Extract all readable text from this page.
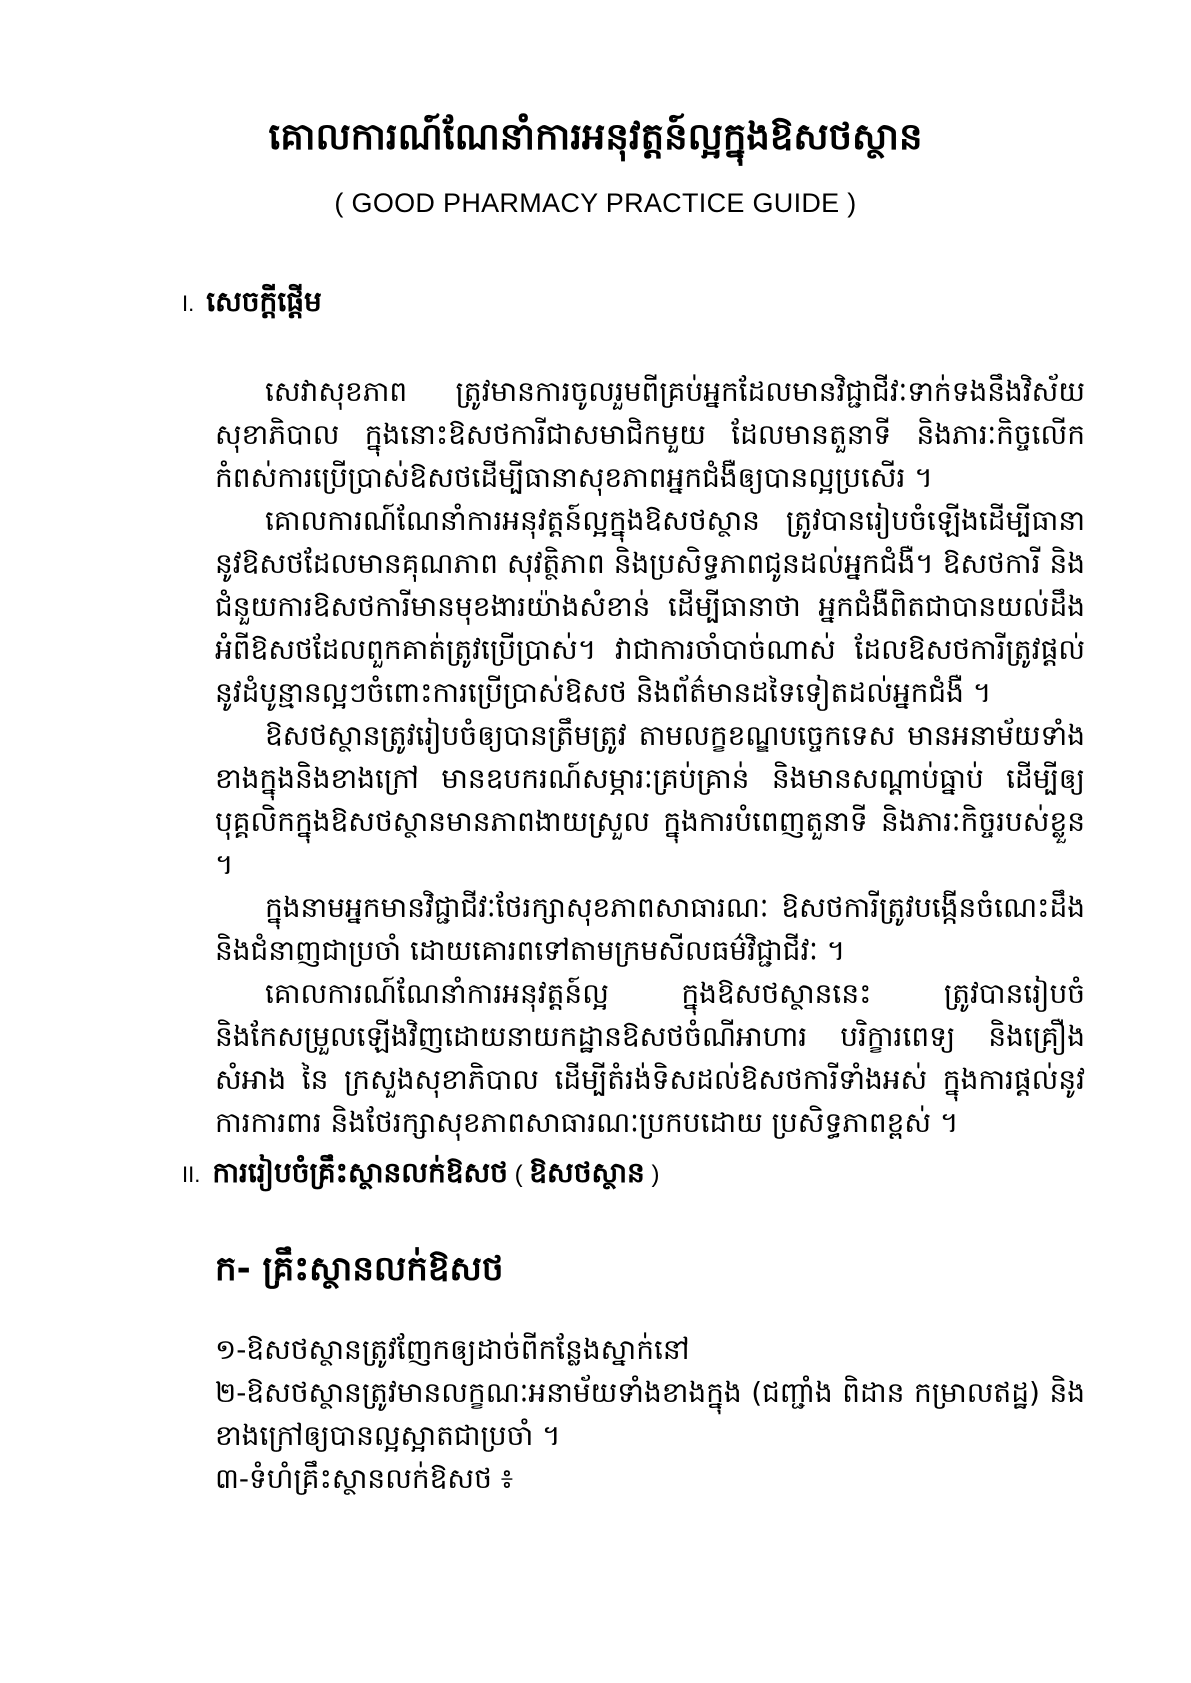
គោលការណ៍ណែនាំការអនុវត្តន៍ល្អក្នុងឱសថស្ថាន
( GOOD PHARMACY PRACTICE GUIDE )
I. សេចក្តីផ្តើម

សេវាសុខភាព ត្រូវមានការចូលរួមពីគ្រប់អ្នកដែលមានវិជ្ជាជីវៈទាក់ទងនឹងវិស័យសុខាភិបាល ក្នុងនោះឱសថការីជាសមាជិកមួយ ដែលមានតួនាទី និងភារៈកិច្ចលើកកំពស់ការប្រើប្រាស់ឱសថដើម្បីធានាសុខភាពអ្នកជំងឺឲ្យបានល្អប្រសើរ ។

គោលការណ៍ណែនាំការអនុវត្តន៍ល្អក្នុងឱសថស្ថាន ត្រូវបានរៀបចំឡើងដើម្បីធានានូវឱសថដែលមានគុណភាព សុវត្ថិភាព និងប្រសិទ្ធភាពជូនដល់អ្នកជំងឺ។ ឱសថការី និងជំនួយការឱសថការីមានមុខងារយ៉ាងសំខាន់ ដើម្បីធានាថា អ្នកជំងឺពិតជាបានយល់ដឹង អំពីឱសថដែលពួកគាត់ត្រូវប្រើប្រាស់។ វាជាការចាំបាច់ណាស់ ដែលឱសថការីត្រូវផ្តល់នូវដំបូន្មានល្អៗចំពោះការប្រើប្រាស់ឱសថ និងព័ត៌មានដទៃទៀតដល់អ្នកជំងឺ ។

ឱសថស្ថានត្រូវរៀបចំឲ្យបានត្រឹមត្រូវ តាមលក្ខខណ្ឌបច្ចេកទេស មានអនាម័យទាំងខាងក្នុងនិងខាងក្រៅ មានឧបករណ៍សម្ភារៈគ្រប់គ្រាន់ និងមានសណ្តាប់ធ្នាប់ ដើម្បីឲ្យបុគ្គលិកក្នុងឱសថស្ថានមានភាពងាយស្រួល ក្នុងការបំពេញតួនាទី និងភារៈកិច្ចរបស់ខ្លួន ។

ក្នុងនាមអ្នកមានវិជ្ជាជីវៈថែរក្សាសុខភាពសាធារណៈ ឱសថការីត្រូវបង្កើនចំណេះដឹងនិងជំនាញជាប្រចាំ ដោយគោរពទៅតាមក្រមសីលធម៌វិជ្ជាជីវៈ ។

គោលការណ៍ណែនាំការអនុវត្តន៍ល្អ ក្នុងឱសថស្ថាននេះ ត្រូវបានរៀបចំ និងកែសម្រួលឡើងវិញដោយនាយកដ្ឋានឱសថចំណីអាហារ បរិក្ខារពេទ្យ និងគ្រឿងសំអាង នៃ ក្រសួងសុខាភិបាល ដើម្បីតំរង់ទិសដល់ឱសថការីទាំងអស់ ក្នុងការផ្តល់នូវការការពារ និងថែរក្សាសុខភាពសាធារណៈប្រកបដោយ ប្រសិទ្ធភាពខ្ពស់ ។

II. ការរៀបចំគ្រឹះស្ថានលក់ឱសថ ( ឱសថស្ថាន )
ក- គ្រឹះស្ថានលក់ឱសថ

១-ឱសថស្ថានត្រូវញែកឲ្យដាច់ពីកន្លែងស្នាក់នៅ

២-ឱសថស្ថានត្រូវមានលក្ខណៈអនាម័យទាំងខាងក្នុង (ជញ្ជាំង ពិដាន កម្រាលឥដ្ឋ) និងខាងក្រៅឲ្យបានល្អស្អាតជាប្រចាំ ។

៣-ទំហំគ្រឹះស្ថានលក់ឱសថ ៖
